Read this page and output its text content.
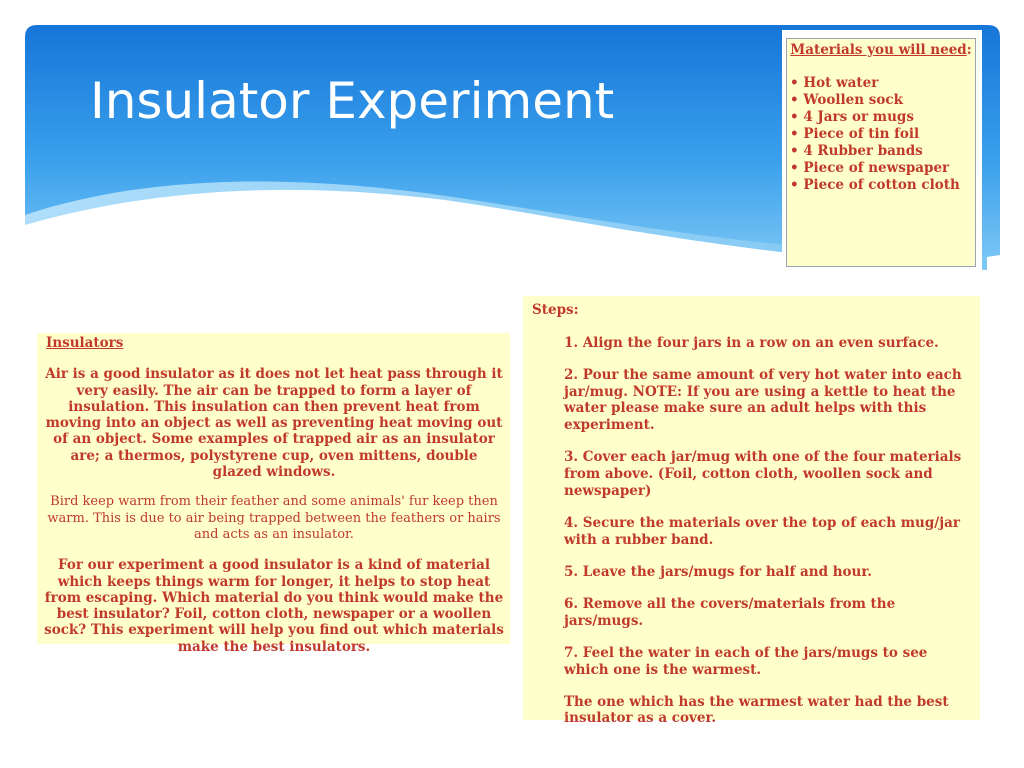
Insulator Experiment
Materials you will need:
• Hot water
• Woollen sock
• 4 Jars or mugs
• Piece of tin foil
• 4 Rubber bands
• Piece of newspaper
• Piece of cotton cloth
Insulators

Air is a good insulator as it does not let heat pass through it very easily. The air can be trapped to form a layer of insulation. This insulation can then prevent heat from moving into an object as well as preventing heat moving out of an object. Some examples of trapped air as an insulator are; a thermos, polystyrene cup, oven mittens, double glazed windows.

Bird keep warm from their feather and some animals' fur keep then warm. This is due to air being trapped between the feathers or hairs and acts as an insulator.

For our experiment a good insulator is a kind of material which keeps things warm for longer, it helps to stop heat from escaping. Which material do you think would make the best insulator? Foil, cotton cloth, newspaper or a woollen sock? This experiment will help you find out which materials make the best insulators.

Steps:

1. Align the four jars in a row on an even surface.

2. Pour the same amount of very hot water into each jar/mug. NOTE: If you are using a kettle to heat the water please make sure an adult helps with this experiment.

3. Cover each jar/mug with one of the four materials from above. (Foil, cotton cloth, woollen sock and newspaper)

4. Secure the materials over the top of each mug/jar with a rubber band.

5. Leave the jars/mugs for half and hour.

6. Remove all the covers/materials from the jars/mugs.

7. Feel the water in each of the jars/mugs to see which one is the warmest.

The one which has the warmest water had the best insulator as a cover.
